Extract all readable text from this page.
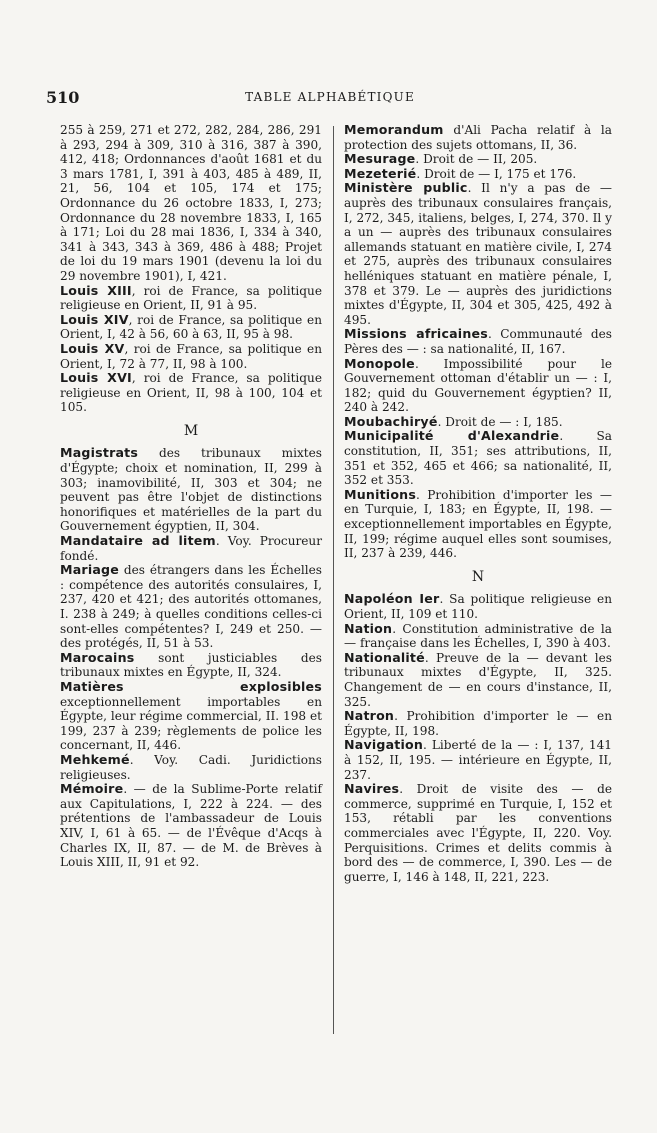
510	TABLE ALPHABÉTIQUE

255 à 259, 271 et 272, 282, 284, 286, 291 à 293, 294 à 309, 310 à 316, 387 à 390, 412, 418; Ordonnances d'août 1681 et du 3 mars 1781, I, 391 à 403, 485 à 489, II, 21, 56, 104 et 105, 174 et 175; Ordonnance du 26 octobre 1833, I, 273; Ordonnance du 28 novembre 1833, I, 165 à 171; Loi du 28 mai 1836, I, 334 à 340, 341 à 343, 343 à 369, 486 à 488; Projet de loi du 19 mars 1901 (devenu la loi du 29 novembre 1901), I, 421.

Louis XIII, roi de France, sa politique religieuse en Orient, II, 91 à 95.

Louis XIV, roi de France, sa politique en Orient, I, 42 à 56, 60 à 63, II, 95 à 98.

Louis XV, roi de France, sa politique en Orient, I, 72 à 77, II, 98 à 100.

Louis XVI, roi de France, sa politique religieuse en Orient, II, 98 à 100, 104 et 105.

M

Magistrats des tribunaux mixtes d'Égypte; choix et nomination, II, 299 à 303; inamovibilité, II, 303 et 304; ne peuvent pas être l'objet de distinctions honorifiques et matérielles de la part du Gouvernement égyptien, II, 304.

Mandataire ad litem. Voy. Procureur fondé.

Mariage des étrangers dans les Échelles : compétence des autorités consulaires, I, 237, 420 et 421; des autorités ottomanes, I. 238 à 249; à quelles conditions celles-ci sont-elles compétentes? I, 249 et 250. — des protégés, II, 51 à 53.

Marocains sont justiciables des tribunaux mixtes en Égypte, II, 324.

Matières explosibles exceptionnellement importables en Égypte, leur régime commercial, II. 198 et 199, 237 à 239; règlements de police les concernant, II, 446.

Mehkemé. Voy. Cadi. Juridictions religieuses.

Mémoire. — de la Sublime-Porte relatif aux Capitulations, I, 222 à 224. — des prétentions de l'ambassadeur de Louis XIV, I, 61 à 65. — de l'Évêque d'Acqs à Charles IX, II, 87. — de M. de Brèves à Louis XIII, II, 91 et 92.

Memorandum d'Ali Pacha relatif à la protection des sujets ottomans, II, 36.

Mesurage. Droit de — II, 205.

Mezeterié. Droit de — I, 175 et 176.

Ministère public. Il n'y a pas de — auprès des tribunaux consulaires français, I, 272, 345, italiens, belges, I, 274, 370. Il y a un — auprès des tribunaux consulaires allemands statuant en matière civile, I, 274 et 275, auprès des tribunaux consulaires helléniques statuant en matière pénale, I, 378 et 379. Le — auprès des juridictions mixtes d'Égypte, II, 304 et 305, 425, 492 à 495.

Missions africaines. Communauté des Pères des — : sa nationalité, II, 167.

Monopole. Impossibilité pour le Gouvernement ottoman d'établir un — : I, 182; quid du Gouvernement égyptien? II, 240 à 242.

Moubachiryé. Droit de — : I, 185.

Municipalité d'Alexandrie. Sa constitution, II, 351; ses attributions, II, 351 et 352, 465 et 466; sa nationalité, II, 352 et 353.

Munitions. Prohibition d'importer les — en Turquie, I, 183; en Égypte, II, 198. — exceptionnellement importables en Égypte, II, 199; régime auquel elles sont soumises, II, 237 à 239, 446.

N

Napoléon Ier. Sa politique religieuse en Orient, II, 109 et 110.

Nation. Constitution administrative de la — française dans les Échelles, I, 390 à 403.

Nationalité. Preuve de la — devant les tribunaux mixtes d'Égypte, II, 325. Changement de — en cours d'instance, II, 325.

Natron. Prohibition d'importer le — en Égypte, II, 198.

Navigation. Liberté de la — : I, 137, 141 à 152, II, 195. — intérieure en Égypte, II, 237.

Navires. Droit de visite des — de commerce, supprimé en Turquie, I, 152 et 153, rétabli par les conventions commerciales avec l'Égypte, II, 220. Voy. Perquisitions. Crimes et delits commis à bord des — de commerce, I, 390. Les — de guerre, I, 146 à 148, II, 221, 223.
